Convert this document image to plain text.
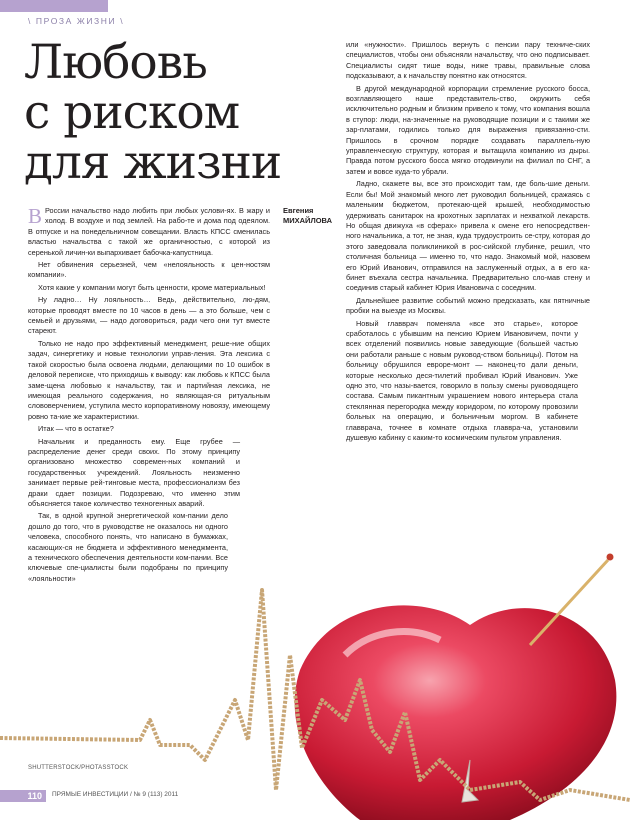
\ ПРОЗА ЖИЗНИ \
Любовь
с риском
для жизни
Евгения
МИХАЙЛОВА

В России начальство надо любить при любых услови-ях. В жару и холод. В воздухе и под землей. На рабо-те и дома под одеялом. В отпуске и на понедельничном совещании. Власть КПСС сменилась властью начальства с такой же органичностью, с которой из серенькой личин-ки выпархивает бабочка-капустница.

Нет обвинения серьезней, чем «нелояльность к цен-ностям компании».

Хотя какие у компании могут быть ценности, кроме материальных!

Ну ладно… Ну лояльность… Ведь, действительно, лю-дям, которые проводят вместе по 10 часов в день — а это больше, чем с семьей и друзьями, — надо договориться, ради чего они тут вместе стареют.

Только не надо про эффективный менеджмент, реше-ние общих задач, синергетику и новые технологии управ-ления. Эта лексика с такой скоростью была освоена людьми, делающими по 10 ошибок в деловой переписке, что приходишь к выводу: как любовь к КПСС была заме-щена любовью к начальству, так и партийная лексика, не имеющая реального содержания, но являющая-ся ритуальным слововерчением, уступила место корпоративному новоязу, имеющему ровно та-кие же характеристики.

Итак — что в остатке?

Начальник и преданность ему. Еще грубее — распределение денег среди своих. По этому принципу организовано множество современ-ных компаний и государственных учреждений. Лояльность неизменно занимает первые рей-тинговые места, профессионализм без драки сдает позиции. Подозреваю, что именно этим объясняется такое количество техногенных аварий.

Так, в одной крупной энергетической ком-пании дело дошло до того, что в руководстве не оказалось ни одного человека, способного понять, что написано в бумажках, касающих-ся не бюджета и эффективного менеджмента, а технического обеспечения деятельности ком-пании. Все ключевые спе-циалисты были подобраны по принципу «лояльности»

или «нужности». Пришлось вернуть с пенсии пару техниче-ских специалистов, чтобы они объясняли начальству, что оно подписывает. Специалисты сидят тише воды, ниже травы, правильные слова подсказывают, а к начальству понятно как относятся.

В другой международной корпорации стремление русского босса, возглавляющего наше представитель-ство, окружить себя исключительно родным и близким привело к тому, что компания вошла в ступор: люди, на-значенные на руководящие позиции и с такими же зар-платами, годились только для выражения привязанно-сти. Пришлось в срочном порядке создавать параллель-ную управленческую структуру, которая и вытащила компанию из дыры. Правда потом русского босса мягко отодвинули на филиал по СНГ, а затем и вовсе куда-то убрали.

Ладно, скажете вы, все это происходит там, где боль-шие деньги. Если бы! Мой знакомый много лет руководил больницей, сражаясь с маленьким бюджетом, протекаю-щей крышей, необходимостью удерживать санитарок на крохотных зарплатах и нехваткой лекарств. Но общая движуха «в сферах» привела к смене его непосредствен-ного начальника, а тот, не зная, куда трудоустроить се-стру, которая до этого заведовала поликлиникой в рос-сийской глубинке, решил, что столичная больница — именно то, что надо. Знакомый мой, назовем его Юрий Иванович, отправился на заслуженный отдых, а в его ка-бинет въехала сестра начальника. Предварительно сло-мав стену и соединив старый кабинет Юрия Ивановича с соседним.

Дальнейшее развитие событий можно предсказать, как пятничные пробки на выезде из Москвы.

Новый главврач поменяла «все это старье», которое сработалось с убывшим на пенсию Юрием Ивановичем, почти у всех отделений появились новые заведующие (большей частью они работали раньше с новым руковод-ством больницы). Потом на больницу обрушился еврорe-монт — наконец-то дали деньги, которые несколько деся-тилетий пробивал Юрий Иванович. Уже одно это, что назы-вается, говорило в пользу смены руководящего состава. Самым пикантным украшением нового интерьера стала стеклянная перегородка между коридором, по которому провозили больных на операцию, и больничным моргом. В кабинете главврача, точнее в комнате отдыха главвра-ча, установили душевую кабинку с каким-то космическим пультом управления.

SHUTTERSTOCK/PHOTASSTOCK
110	ПРЯМЫЕ ИНВЕСТИЦИИ / № 9 (113) 2011
